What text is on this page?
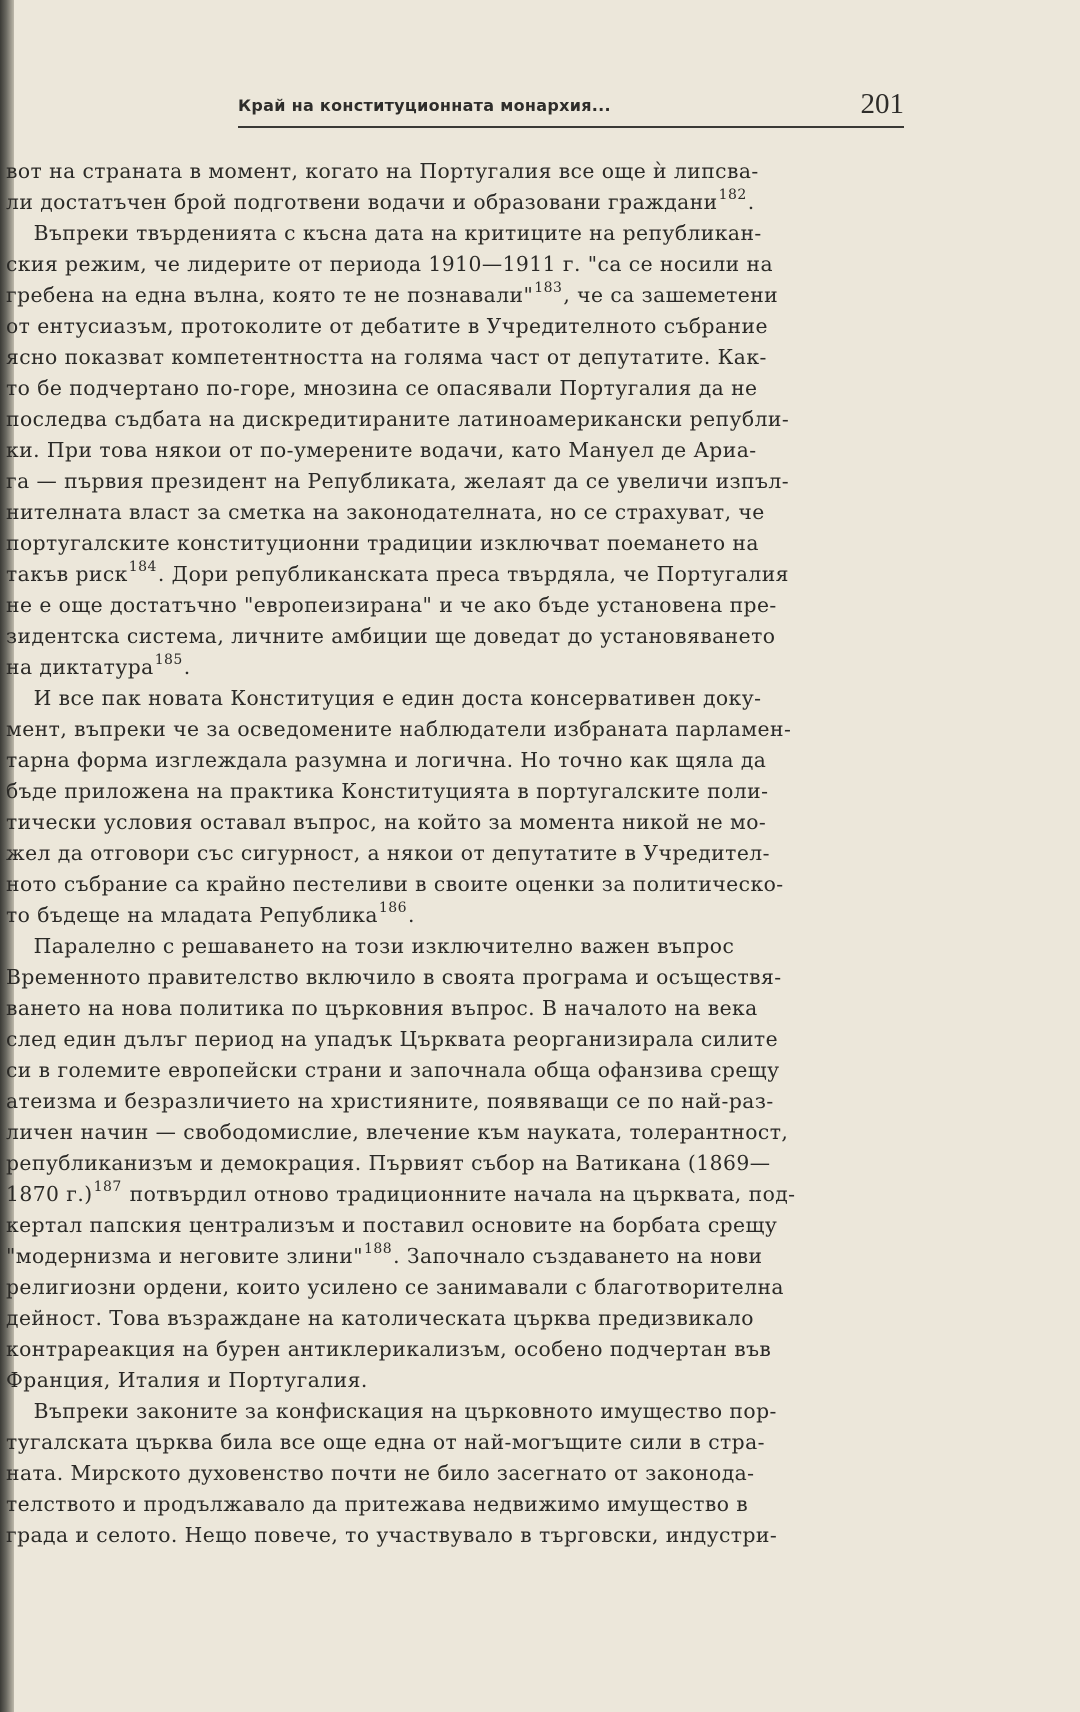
Край на конституционната монархия...	201
вот на страната в момент, когато на Португалия все още ѝ липсва-
ли достатъчен брой подготвени водачи и образовани граждани$^{182}$.
Въпреки твърденията с късна дата на критиците на републикан-
ския режим, че лидерите от периода 1910—1911 г. "са се носили на
гребена на една вълна, която те не познавали"$^{183}$, че са зашеметени
от ентусиазъм, протоколите от дебатите в Учредителното събрание
ясно показват компетентността на голяма част от депутатите. Как-
то бе подчертано по-горе, мнозина се опасявали Португалия да не
последва съдбата на дискредитираните латиноамерикански републи-
ки. При това някои от по-умерените водачи, като Мануел де Ариа-
га — първия президент на Републиката, желаят да се увеличи изпъл-
нителната власт за сметка на законодателната, но се страхуват, че
португалските конституционни традиции изключват поемането на
такъв риск$^{184}$. Дори републиканската преса твърдяла, че Португалия
не е още достатъчно "европеизирана" и че ако бъде установена пре-
зидентска система, личните амбиции ще доведат до установяването
на диктатура$^{185}$.
И все пак новата Конституция е един доста консервативен доку-
мент, въпреки че за осведомените наблюдатели избраната парламен-
тарна форма изглеждала разумна и логична. Но точно как щяла да
бъде приложена на практика Конституцията в португалските поли-
тически условия оставал въпрос, на който за момента никой не мо-
жел да отговори със сигурност, а някои от депутатите в Учредител-
ното събрание са крайно пестеливи в своите оценки за политическо-
то бъдеще на младата Република$^{186}$.
Паралелно с решаването на този изключително важен въпрос
Временното правителство включило в своята програма и осъществя-
ването на нова политика по църковния въпрос. В началото на века
след един дълъг период на упадък Църквата реорганизирала силите
си в големите европейски страни и започнала обща офанзива срещу
атеизма и безразличието на християните, появяващи се по най-раз-
личен начин — свободомислие, влечение към науката, толерантност,
републиканизъм и демокрация. Първият събор на Ватикана (1869—
1870 г.)$^{187}$ потвърдил отново традиционните начала на църквата, под-
кертал папския централизъм и поставил основите на борбата срещу
"модернизма и неговите злини"$^{188}$. Започнало създаването на нови
религиозни ордени, които усилено се занимавали с благотворителна
дейност. Това възраждане на католическата църква предизвикало
контрареакция на бурен антиклерикализъм, особено подчертан във
Франция, Италия и Португалия.
Въпреки законите за конфискация на църковното имущество пор-
тугалската църква била все още една от най-могъщите сили в стра-
ната. Мирското духовенство почти не било засегнато от законода-
телството и продължавало да притежава недвижимо имущество в
града и селото. Нещо повече, то участвувало в търговски, индустри-
